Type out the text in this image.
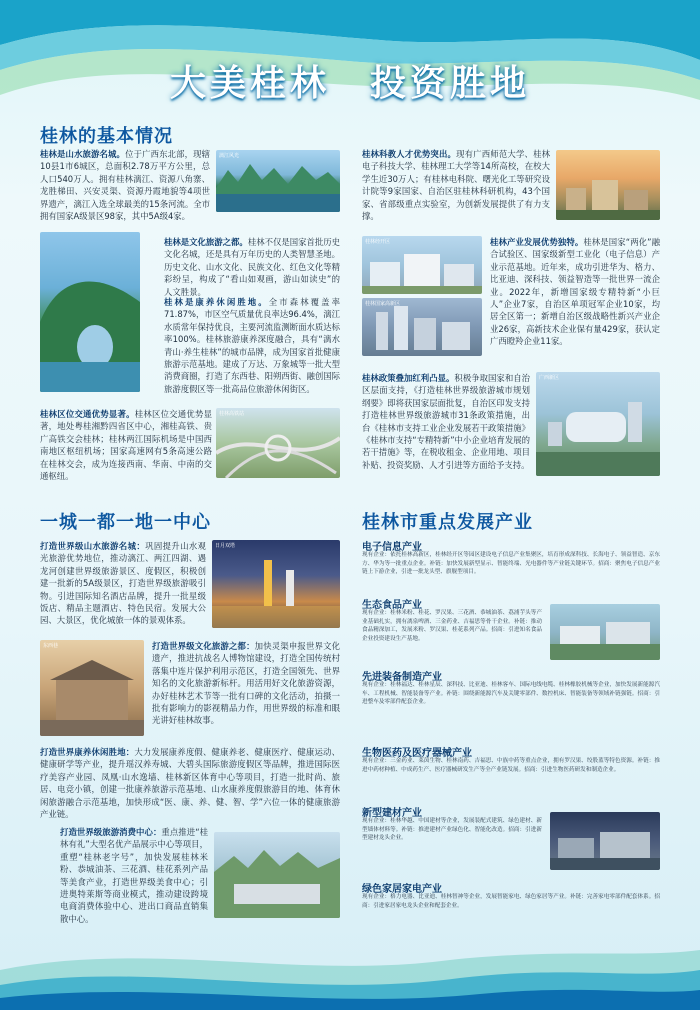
大美桂林　投资胜地
桂林的基本情况
桂林是山水旅游名城。位于广西东北部，现辖10县1市6城区，总面积2.78万平方公里，总人口540万人。拥有桂林漓江、资源八角寨、龙胜梯田、兴安灵渠、资源丹霞地貌等4项世界遗产，漓江入选全球最美的15条河流。全市拥有国家A级景区98家，其中5A级4家。
漓江风光
桂林是文化旅游之都。桂林不仅是国家首批历史文化名城，还是具有万年历史的人类智慧圣地。历史文化、山水文化、民族文化、红色文化等精彩纷呈，构成了“看山如观画，游山如读史”的人文胜景。
桂林是康养休闲胜地。全市森林覆盖率71.87%，市区空气质量优良率达96.4%，漓江水质常年保持优良，主要河流监测断面水质达标率100%。桂林旅游康养深度融合，具有“漓水青山·养生桂林”的城市品牌，成为国家首批健康旅游示范基地。建成了万达、万象城等一批大型消费商圈，打造了东西巷、阳朔西街、融创国际旅游度假区等一批高品位旅游休闲街区。
桂林区位交通优势显著。桂林区位交通优势显著，地处粤桂湘黔四省区中心，湘桂高铁、贵广高铁交会桂林；桂林两江国际机场是中国西南地区枢纽机场；国家高速网有5条高速公路在桂林交会，成为连接西南、华南、中南的交通枢纽。
桂林高铁站
桂林科教人才优势突出。现有广西师范大学、桂林电子科技大学、桂林理工大学等14所高校，在校大学生近30万人；有桂林电科院、曙光化工等研究设计院等9家国家、自治区驻桂林科研机构，43个国家、省部级重点实验室，为创新发展提供了有力支撑。
桂林经开区
桂林国家高新区
桂林产业发展优势独特。桂林是国家“两化”融合试验区、国家级新型工业化（电子信息）产业示范基地。近年来，成功引进华为、格力、比亚迪、深科技、领益智造等一批世界一流企业。2022年，新增国家级专精特新“小巨人”企业7家，自治区单项冠军企业10家，均居全区第一；新增自治区级战略性新兴产业企业26家，高新技术企业保有量429家，获认定广西瞪羚企业11家。
桂林政策叠加红利凸显。积极争取国家和自治区层面支持，《打造桂林世界级旅游城市规划纲要》即将获国家层面批复，自治区印发支持打造桂林世界级旅游城市31条政策措施，出台《桂林市支持工业企业发展若干政策措施》《桂林市支持“专精特新”中小企业培育发展的若干措施》等，在税收租金、企业用地、项目补贴、投资奖励、人才引进等方面给予支持。
广西新区
一城一都一地一中心	桂林市重点发展产业
打造世界级山水旅游名城：巩固提升山水观光旅游优势地位，推动漓江、两江四湖、遇龙河创建世界级旅游景区、度假区，积极创建一批新的5A级景区，打造世界级旅游吸引物。引进国际知名酒店品牌，提升一批星级饭店、精品主题酒店、特色民宿。发展大公园、大景区，优化城旅一体的景观体系。
日月双塔
东西巷	打造世界级文化旅游之都：加快灵渠申报世界文化遗产，推进抗战名人博物馆建设，打造全国传统村落集中连片保护利用示范区，打造全国领先、世界知名的文化旅游新标杆。用活用好文化旅游资源，办好桂林艺术节等一批有口碑的文化活动，拍摄一批有影响力的影视精品力作，用世界级的标准和眼光讲好桂林故事。
打造世界康养休闲胜地：大力发展康养度假、健康养老、健康医疗、健康运动、健康研学等产业，提升瑶汉养寿城、大碧头国际旅游度假区等品牌，推进国际医疗美容产业园、凤凰·山水逸墙、桂林新区体育中心等项目，打造一批时尚、旅居、电竞小镇，创建一批康养旅游示范基地、山水康养度假旅游目的地、体育休闲旅游融合示范基地，加快形成“医、康、养、健、智、学”六位一体的健康旅游产业链。
打造世界级旅游消费中心：重点推进“桂林有礼”大型名优产品展示中心等项目，重塑“桂林老字号”，加快发展桂林米粉、恭城油茶、三花酒、桂花系列产品等美食产业，打造世界级美食中心；引进奥特莱斯等商业模式，推动建设跨境电商消费体验中心、进出口商品直销集散中心。
电子信息产业
现有企业：依托桂林高新区，桂林经开区等园区建设电子信息产业集聚区，培育形成深科技、长海电子、领益智造、京东方、华为等一批重点企业。补链：加快发展新型显示、智能终端、光电器件等产业链关键环节。招商：聚焦电子信息产业链上下游企业，引进一批龙头型、旗舰型项目。
生态食品产业
现有企业：桂林米粉、桂花、罗汉果、三花酒、恭城油茶、荔浦芋头等产业基础扎实，拥有漓泉啤酒、三金药业、吉福思等骨干企业。补链：推动食品精深加工，发展米粉、罗汉果、桂花系列产品。招商：引进知名食品企业投资建设生产基地。
先进装备制造产业
现有企业：桂林福达、桂林星辰、深科技、比亚迪、桂林客车、国际电线电缆、桂林橡胶机械等企业，加快发展新能源汽车、工程机械、智能装备等产业。补链：围绕新能源汽车及关键零部件、数控机床、智能装备等领域补链强链。招商：引进整车及零部件配套企业。
生物医药及医疗器械产业
现有企业：三金药业、莱茵生物、桂林南药、吉福思、中族中药等重点企业，拥有罗汉果、绞股蓝等特色资源。补链：推进中药材种植、中成药生产、医疗器械研发生产等全产业链发展。招商：引进生物医药研发和制造企业。
新型建材产业
现有企业：桂林华越、中国建材等企业，发展装配式建筑、绿色建材、新型墙体材料等。补链：推进建材产业绿色化、智能化改造。招商：引进新型建材龙头企业。
绿色家居家电产业
现有企业：格力电器、比亚迪、桂林智神等企业，发展智能家电、绿色家居等产业。补链：完善家电零部件配套体系。招商：引进家居家电龙头企业和配套企业。
